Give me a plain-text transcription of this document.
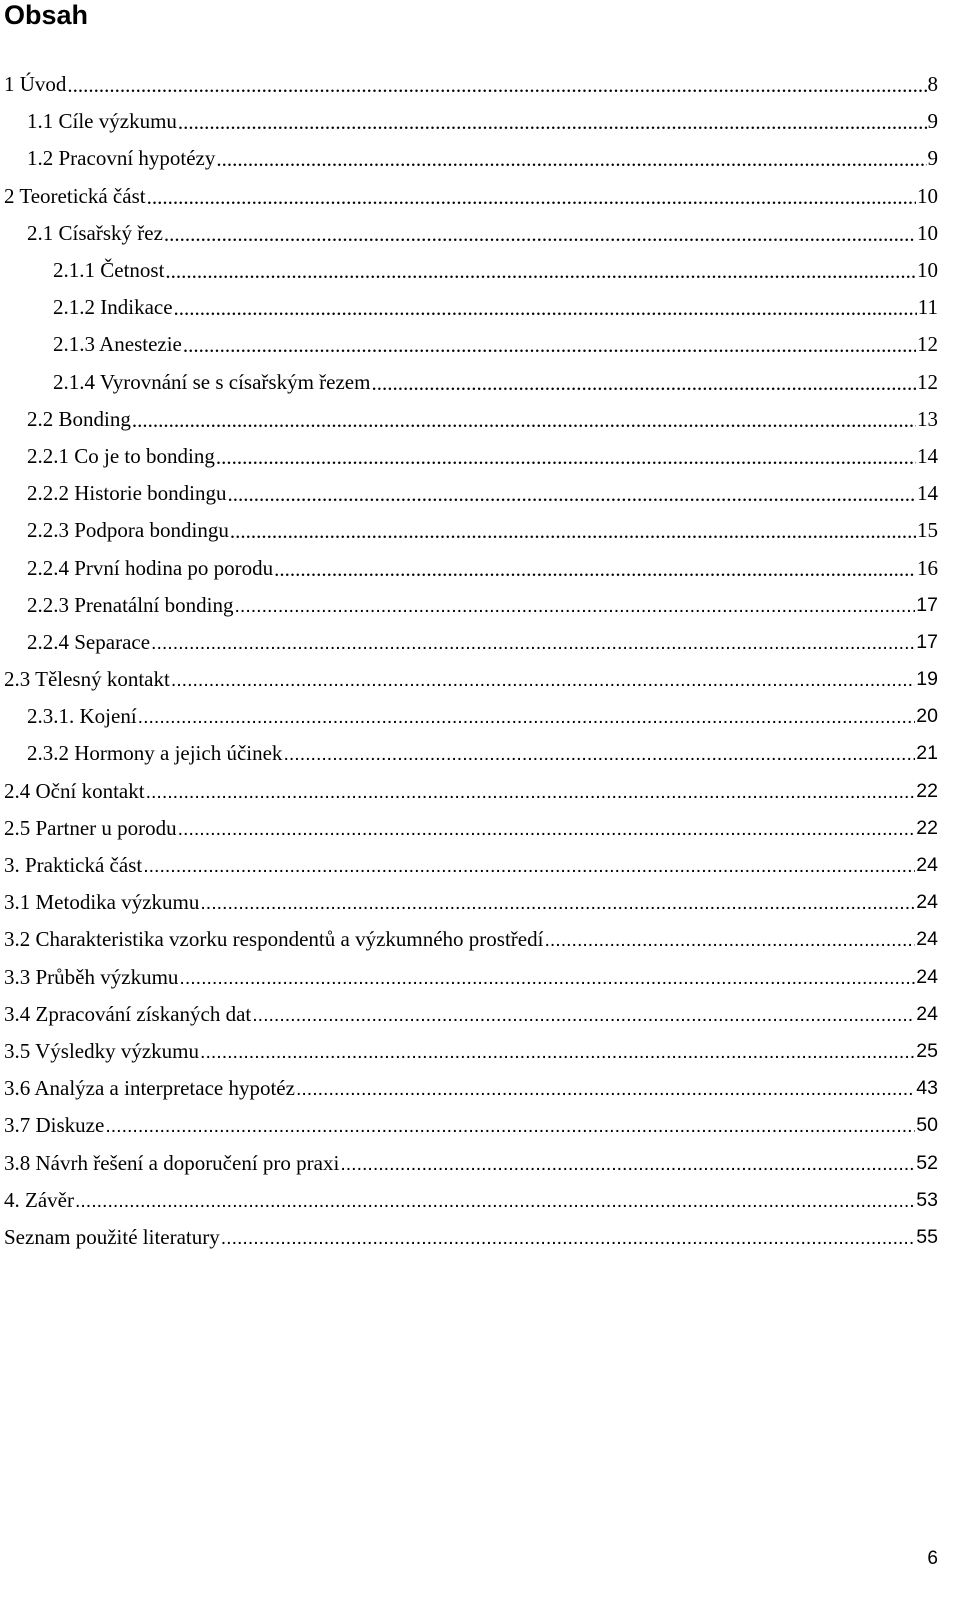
Obsah
1 Úvod .....	8
1.1 Cíle výzkumu .....	9
1.2 Pracovní hypotézy .....	9
2 Teoretická část .....	10
2.1 Císařský řez .....	10
2.1.1 Četnost .....	10
2.1.2 Indikace .....	11
2.1.3 Anestezie .....	12
2.1.4 Vyrovnání se s císařským řezem .....	12
2.2 Bonding .....	13
2.2.1 Co je to bonding .....	14
2.2.2 Historie bondingu .....	14
2.2.3 Podpora bondingu .....	15
2.2.4 První hodina po porodu .....	16
2.2.3 Prenatální bonding .....	17
2.2.4 Separace .....	17
2.3 Tělesný kontakt .....	19
2.3.1. Kojení .....	20
2.3.2 Hormony a jejich účinek .....	21
2.4 Oční kontakt .....	22
2.5 Partner u porodu .....	22
3. Praktická část .....	24
3.1 Metodika výzkumu .....	24
3.2 Charakteristika vzorku respondentů a výzkumného prostředí .....	24
3.3 Průběh výzkumu .....	24
3.4 Zpracování získaných dat .....	24
3.5 Výsledky výzkumu .....	25
3.6 Analýza a interpretace hypotéz .....	43
3.7 Diskuze .....	50
3.8 Návrh řešení a doporučení pro praxi .....	52
4. Závěr .....	53
Seznam použité literatury .....	55
6
